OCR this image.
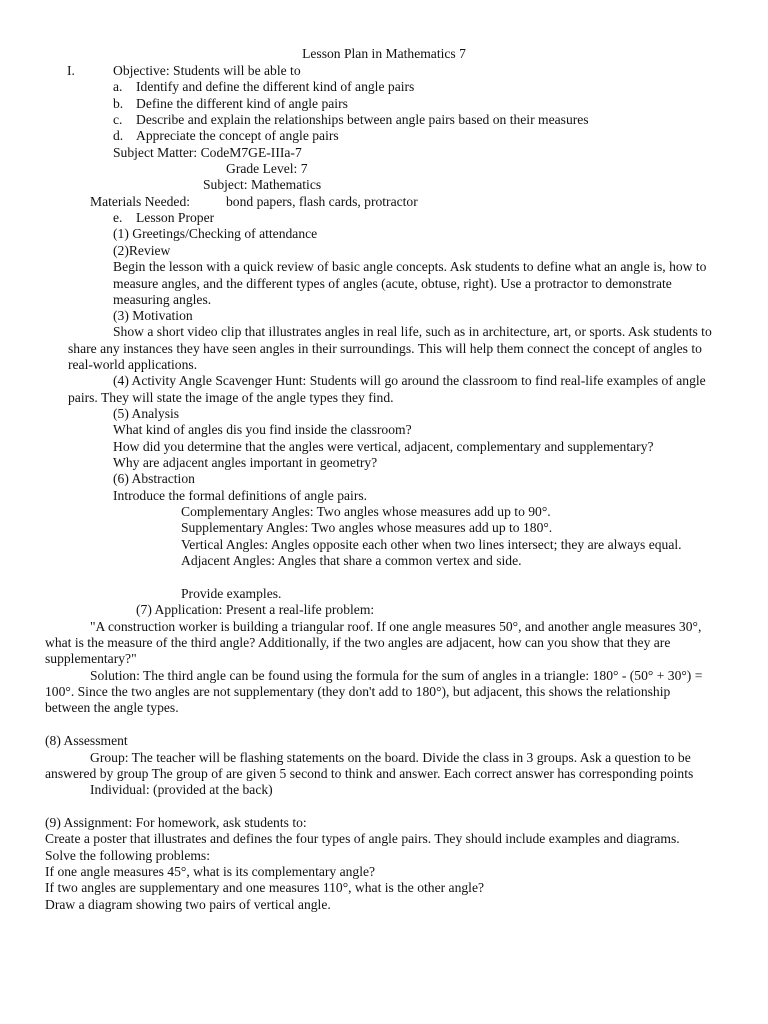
Lesson Plan in Mathematics 7
I.	Objective: Students will be able to
a. Identify and define the different kind of angle pairs
b. Define the different kind of angle pairs
c. Describe and explain the relationships between angle pairs based on their measures
d. Appreciate the concept of angle pairs
Subject Matter: CodeM7GE-IIIa-7
Grade Level: 7
Subject: Mathematics
Materials Needed:	bond papers, flash cards, protractor
e. Lesson Proper
(1) Greetings/Checking of attendance
(2)Review
Begin the lesson with a quick review of basic angle concepts. Ask students to define what an angle is, how to
measure angles, and the different types of angles (acute, obtuse, right). Use a protractor to demonstrate
measuring angles.
(3) Motivation
Show a short video clip that illustrates angles in real life, such as in architecture, art, or sports. Ask students to
share any instances they have seen angles in their surroundings. This will help them connect the concept of angles to
real-world applications.
(4) Activity Angle Scavenger Hunt: Students will go around the classroom to find real-life examples of angle
pairs. They will state the image of the angle types they find.
(5) Analysis
What kind of angles dis you find inside the classroom?
How did you determine that the angles were vertical, adjacent, complementary and supplementary?
Why are adjacent angles important in geometry?
(6) Abstraction
Introduce the formal definitions of angle pairs.
Complementary Angles: Two angles whose measures add up to 90°.
Supplementary Angles: Two angles whose measures add up to 180°.
Vertical Angles: Angles opposite each other when two lines intersect; they are always equal.
Adjacent Angles: Angles that share a common vertex and side.
Provide examples.
(7) Application: Present a real-life problem:
"A construction worker is building a triangular roof. If one angle measures 50°, and another angle measures 30°,
what is the measure of the third angle? Additionally, if the two angles are adjacent, how can you show that they are
supplementary?"
Solution: The third angle can be found using the formula for the sum of angles in a triangle: 180° - (50° + 30°) =
100°. Since the two angles are not supplementary (they don't add to 180°), but adjacent, this shows the relationship
between the angle types.
(8) Assessment
Group: The teacher will be flashing statements on the board. Divide the class in 3 groups. Ask a question to be
answered by group The group of are given 5 second to think and answer. Each correct answer has corresponding points
Individual: (provided at the back)
(9) Assignment: For homework, ask students to:
Create a poster that illustrates and defines the four types of angle pairs. They should include examples and diagrams.
Solve the following problems:
If one angle measures 45°, what is its complementary angle?
If two angles are supplementary and one measures 110°, what is the other angle?
Draw a diagram showing two pairs of vertical angle.
